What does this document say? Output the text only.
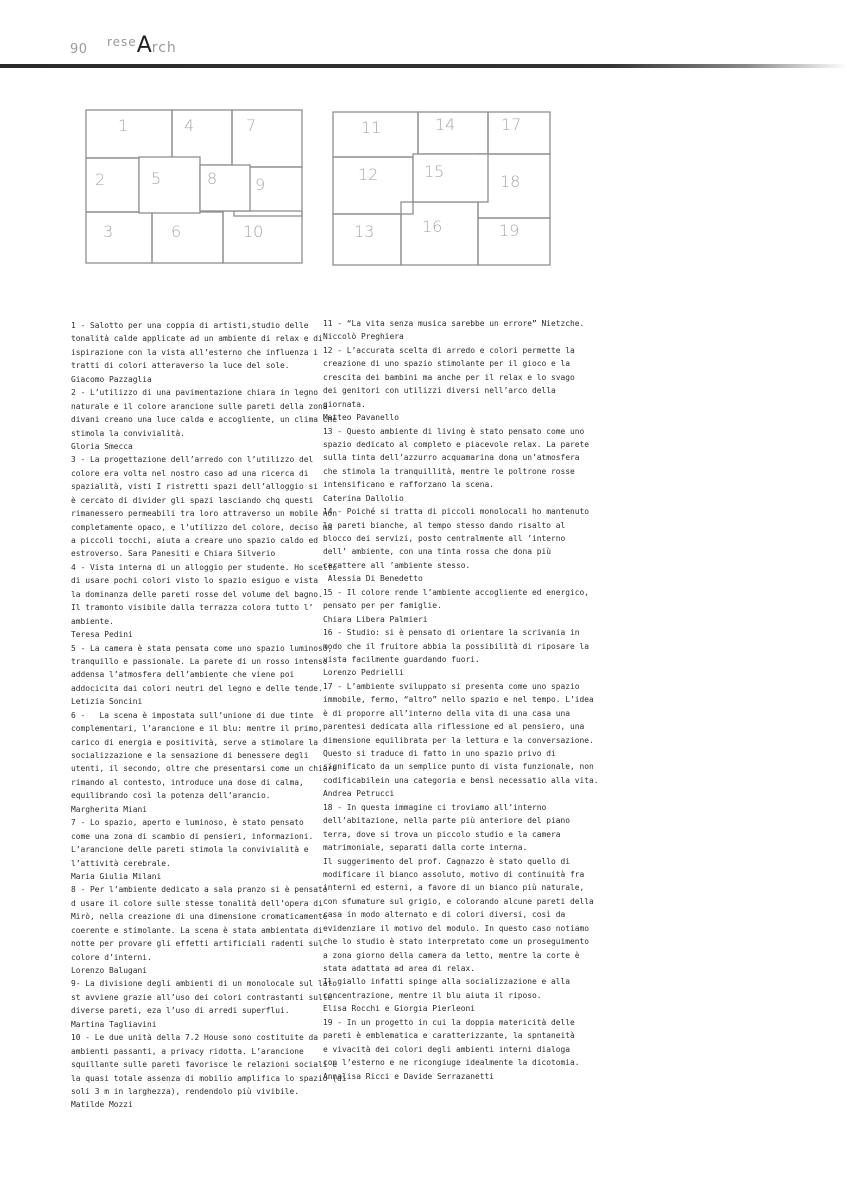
90 $^{rese}$Arch
1	4	7
2	9
3	6	10
5	8
11	14	17
12	18
13	16	19
15
1 - Salotto per una coppia di artisti,studio delle
tonalità calde applicate ad un ambiente di relax e di
ispirazione con la vista all’esterno che influenza i
tratti di colori atteraverso la luce del sole.
Giacomo Pazzaglia
2 - L’utilizzo di una pavimentazione chiara in legno
naturale e il colore arancione sulle pareti della zona
divani creano una luce calda e accogliente, un clima che
stimola la convivialità.
Gloria Smecca
3 - La progettazione dell’arredo con l’utilizzo del
colore era volta nel nostro caso ad una ricerca di
spazialità, visti I ristretti spazi dell’alloggio si
è cercato di divider gli spazi lasciando chq questi
rimanessero permeabili tra loro attraverso un mobile non
completamente opaco, e l’utilizzo del colore, deciso ma
a piccoli tocchi, aiuta a creare uno spazio caldo ed
estroverso. Sara Panesiti e Chiara Silverio
4 - Vista interna di un alloggio per studente. Ho scelto
di usare pochi colori visto lo spazio esiguo e vista
la dominanza delle pareti rosse del volume del bagno.
Il tramonto visibile dalla terrazza colora tutto l’
ambiente.
Teresa Pedini
5 - La camera è stata pensata come uno spazio luminoso,
tranquillo e passionale. La parete di un rosso intenso
addensa l’atmosfera dell’ambiente che viene poi
addocicita dai colori neutri del legno e delle tende.
Letizia Soncini
6 -   La scena è impostata sull’unione di due tinte
complementari, l’arancione e il blu: mentre il primo,
carico di energia e positività, serve a stimolare la
socializzazione e la sensazione di benessere degli
utenti, il secondo, oltre che presentarsi come un chiaro
rimando al contesto, introduce una dose di calma,
equilibrando così la potenza dell’arancio.
Margherita Miani
7 - Lo spazio, aperto e luminoso, è stato pensato
come una zona di scambio di pensieri, informazioni.
L’arancione delle pareti stimola la convivialità e
l’attività cerebrale.
Maria Giulia Milani
8 - Per l’ambiente dedicato a sala pranzo si è pensato
d usare il colore sulle stesse tonalità dell’opera di
Mirò, nella creazione di una dimensione cromaticamente
coerente e stimolante. La scena è stata ambientata di
notte per provare gli effetti artificiali radenti sul
colore d’interni.
Lorenzo Balugani
9- La divisione degli ambienti di un monolocale sul lato
st avviene grazie all’uso dei colori contrastanti sulle
diverse pareti, eza l’uso di arredi superflui.
Martina Tagliavini
10 - Le due unità della 7.2 House sono costituite da
ambienti passanti, a privacy ridotta. L’arancione
squillante sulle pareti favorisce le relazioni sociali e
la quasi totale assenza di mobilio amplifica lo spazio (di
soli 3 m in larghezza), rendendolo più vivibile.
Matilde Mozzi
11 - “La vita senza musica sarebbe un errore” Nietzche.
Niccolò Preghiera
12 - L’accurata scelta di arredo e colori permette la
creazione di uno spazio stimolante per il gioco e la
crescita dei bambini ma anche per il relax e lo svago
dei genitori con utilizzi diversi nell’arco della
giornata.
Matteo Pavanello
13 - Questo ambiente di living è stato pensato come uno
spazio dedicato al completo e piacevole relax. La parete
sulla tinta dell’azzurro acquamarina dona un’atmosfera
che stimola la tranquillità, mentre le poltrone rosse
intensificano e rafforzano la scena.
Caterina Dallolio
14 - Poiché si tratta di piccoli monolocali ho mantenuto
le pareti bianche, al tempo stesso dando risalto al
blocco dei servizi, posto centralmente all ’interno
dell’ ambiente, con una tinta rossa che dona più
carattere all ’ambiente stesso.
Alessia Di Benedetto
15 - Il colore rende l’ambiente accogliente ed energico,
pensato per per famiglie.
Chiara Libera Palmieri
16 - Studio: si è pensato di orientare la scrivania in
modo che il fruitore abbia la possibilità di riposare la
vista facilmente guardando fuori.
Lorenzo Pedrielli
17 - L’ambiente sviluppato si presenta come uno spazio
immobile, fermo, “altro” nello spazio e nel tempo. L’idea
è di proporre all’interno della vita di una casa una
parentesi dedicata alla riflessione ed al pensiero, una
dimensione equilibrata per la lettura e la conversazione.
Questo si traduce di fatto in uno spazio privo di
significato da un semplice punto di vista funzionale, non
codificabilein una categoria e bensì necessatio alla vita.
Andrea Petrucci
18 - In questa immagine ci troviamo all’interno
dell’abitazione, nella parte più anteriore del piano
terra, dove si trova un piccolo studio e la camera
matrimoniale, separati dalla corte interna.
Il suggerimento del prof. Cagnazzo è stato quello di
modificare il bianco assoluto, motivo di continuità fra
interni ed esterni, a favore di un bianco più naturale,
con sfumature sul grigio, e colorando alcune pareti della
casa in modo alternato e di colori diversi, così da
evidenziare il motivo del modulo. In questo caso notiamo
che lo studio è stato interpretato come un proseguimento
a zona giorno della camera da letto, mentre la corte è
stata adattata ad area di relax.
Il giallo infatti spinge alla socializzazione e alla
concentrazione, mentre il blu aiuta il riposo.
Elisa Rocchi e Giorgia Pierleoni
19 - In un progetto in cui la doppia matericità delle
pareti è emblematica e caratterizzante, la spntaneità
e vivacità dei colori degli ambienti interni dialoga
con l’esterno e ne ricongiuge idealmente la dicotomia.
Annalisa Ricci e Davide Serrazanetti
